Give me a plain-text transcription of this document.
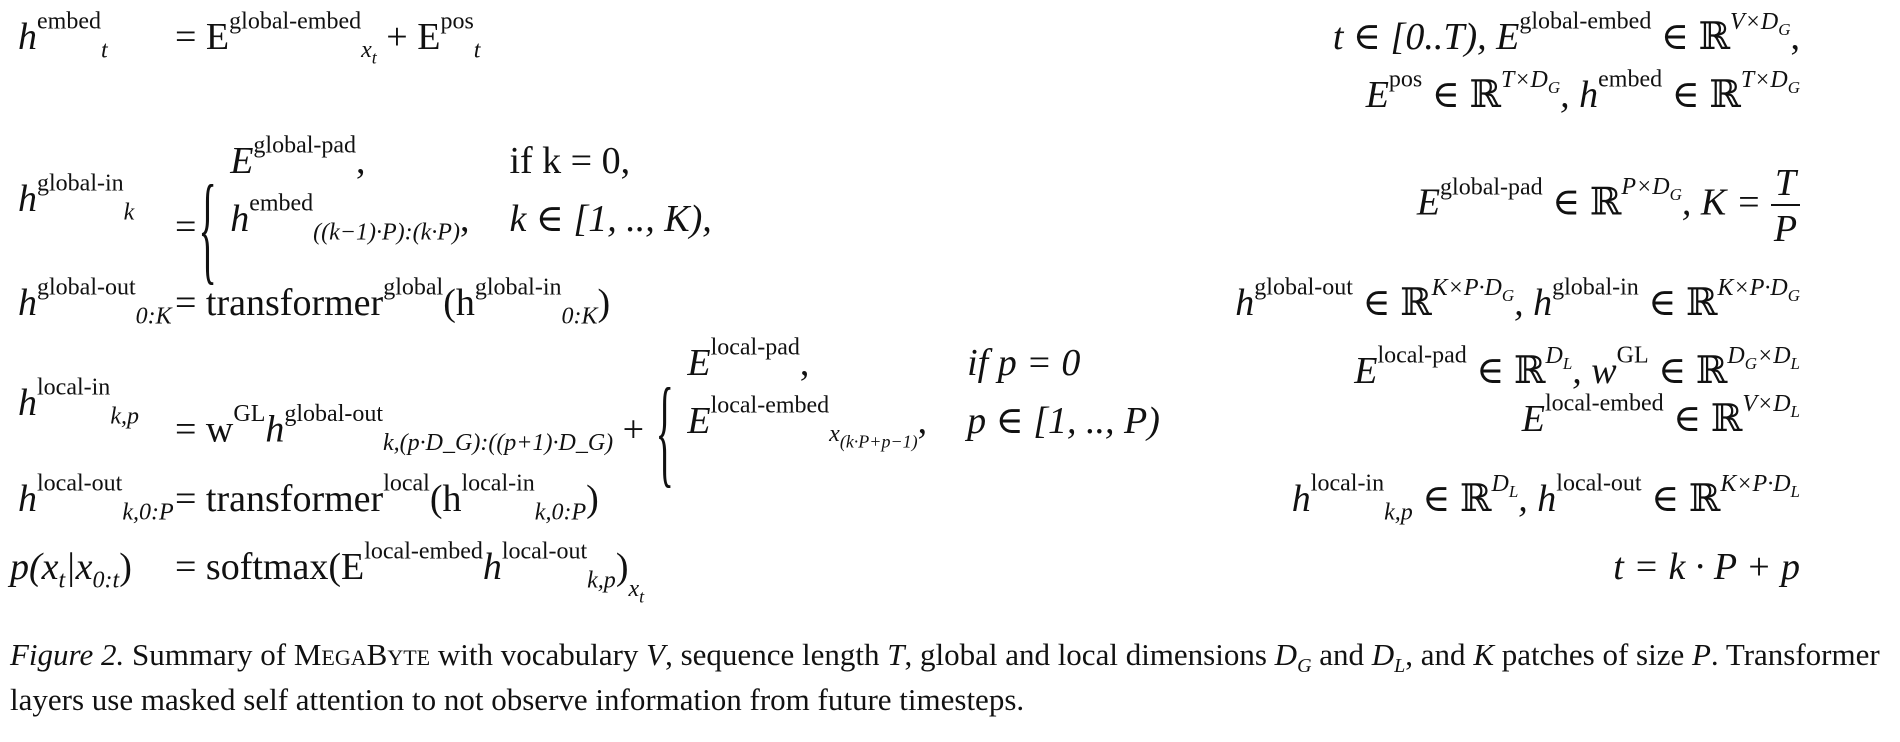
$h^{embed}_t = E^{global-embed}_{x_t} + E^{pos}_t$	t ∈ [0..T), $E^{global-embed}$ ∈ ℝ$^{V\times D_G}$,
$E^{pos}$ ∈ ℝ$^{T\times D_G}$, $h^{embed}$ ∈ ℝ$^{T\times D_G}$
$h^{global-in}_k$ ={
$E^{global-pad}$,	if k = 0,
$h^{embed}_{((k-1)\cdot P):(k\cdot P)}$, k ∈ [1, .., K),	$E^{global-pad}$ ∈ ℝ$^{P\times D_G}$, $K = \frac{T}{P}$
$h^{global-out}_{0:K}$ = $transformer^{global}(h^{global-in}_{0:K})$	$h^{global-out}$ ∈ ℝ$^{K\times P\cdot D_G}$, $h^{global-in}$ ∈ ℝ$^{K\times P\cdot D_G}$
$h^{local-in}_{k,p} = w^{GL}h^{global-out}_{k,(p\cdot D\_G):((p+1)\cdot D\_G)}$ + {
$E^{local-pad}$,	if p = 0
$E^{local-embed}_{x_{(k\cdot P+p-1)}}$, p ∈ [1, .., P)
$E^{local-pad}$ ∈ ℝ$^{D_L}$, $w^{GL}$ ∈ ℝ$^{D_G\times D_L}$
$E^{local-embed}$ ∈ ℝ$^{V\times D_L}$
$h^{local-out}_{k,0:P}$ = $transformer^{local}(h^{local-in}_{k,0:P})$	$h^{local-in}_{k,p}$ ∈ ℝ$^{D_L}$, $h^{local-out}$ ∈ ℝ$^{K\times P\cdot D_L}$
$p(x_t|x_{0:t})$ = $softmax(E^{local-embed}h^{local-out}_{k,p})_{x_t}$
t = k · P + p
Figure 2. Summary of MegaByte with vocabulary V, sequence length T, global and local dimensions $D_G$ and $D_L$, and K patches of size P. Transformer layers use masked self attention to not observe information from future timesteps.
